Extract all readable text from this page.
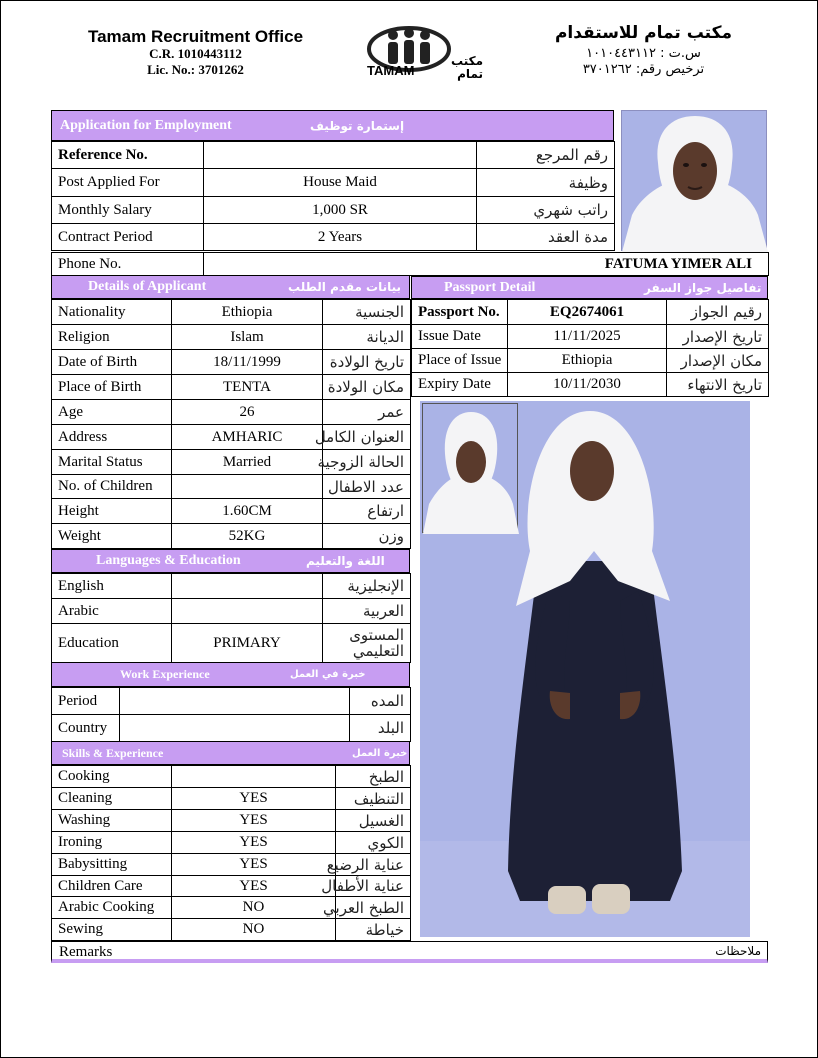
Tamam Recruitment Office
C.R. 1010443112
Lic. No.: 3701262	TAMAM
مكتب تمام
مكتب تمام للاستقدام
س.ت : ١٠١٠٤٤٣١١٢
ترخيص رقم: ٣٧٠١٢٦٢
Application for Employment	إستمارة توظيف
Reference No.		رقم المرجع
Post Applied For	House Maid	وظيفة
Monthly Salary	1,000 SR	راتب شهري
Contract Period	2 Years	مدة العقد
Phone No.	FATUMA YIMER ALI
Details of Applicant	بيانات مقدم الطلب
Nationality	Ethiopia	الجنسية
Religion	Islam	الديانة
Date of Birth	18/11/1999	تاريخ الولادة
Place of Birth	TENTA	مكان الولادة
Age	26	عمر
Address	AMHARIC	العنوان الكامل
Marital Status	Married	الحالة الزوجية
No. of Children		عدد الاطفال
Height	1.60CM	ارتفاع
Weight	52KG	وزن
Languages & Education	اللغة والتعليم
English		الإنجليزية
Arabic		العربية
Education	PRIMARY	المستوى التعليمي
Work Experience	خبرة في العمل
Period		المده
Country		البلد
Skills & Experience	خبرة العمل
Cooking		الطبخ
Cleaning	YES	التنظيف
Washing	YES	الغسيل
Ironing	YES	الكوي
Babysitting	YES	عناية الرضيع
Children Care	YES	عناية الأطفال
Arabic Cooking	NO	الطبخ العربي
Sewing	NO	خياطة
Passport Detail	تفاصيل جواز السفر
Passport No.	EQ2674061	رقيم الجواز
Issue Date	11/11/2025	تاريخ الإصدار
Place of Issue	Ethiopia	مكان الإصدار
Expiry Date	10/11/2030	تاريخ الانتهاء
Remarks	ملاحظات
